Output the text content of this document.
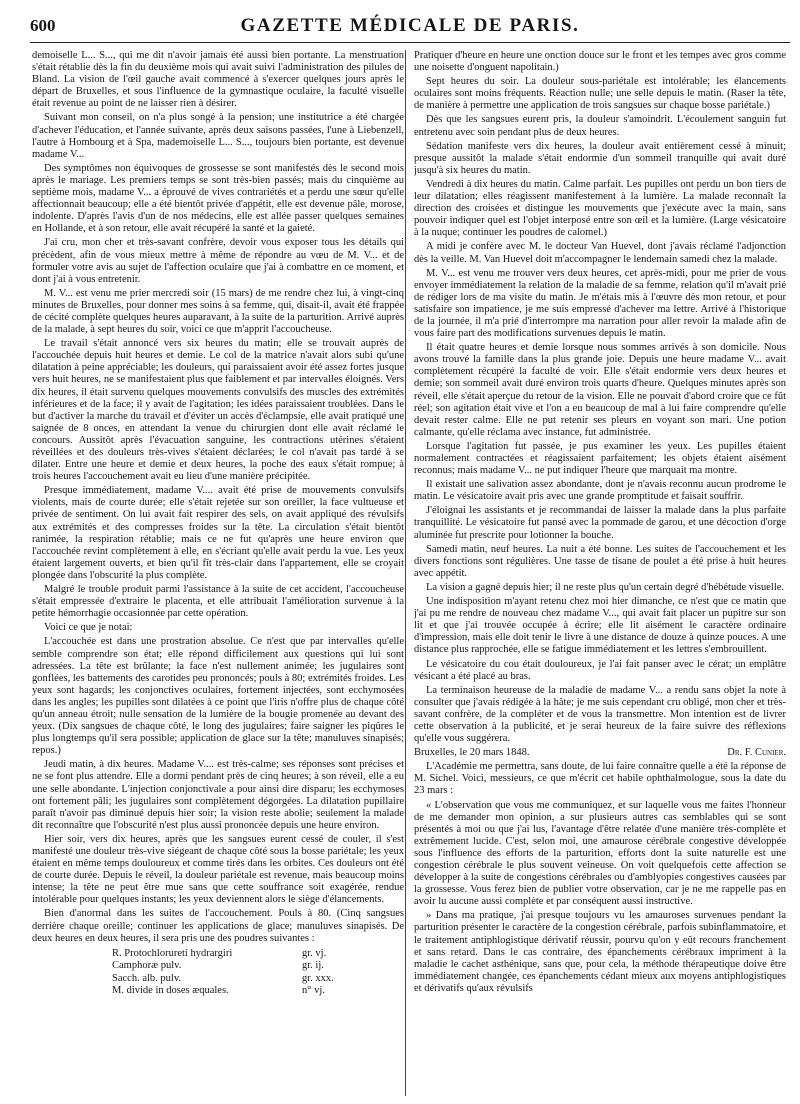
600	GAZETTE MÉDICALE DE PARIS.

demoiselle L... S..., qui me dit n'avoir jamais été aussi bien portante. La menstruation s'était rétablie dès la fin du deuxième mois qui avait suivi l'administration des pilules de Bland. La vision de l'œil gauche avait commencé à s'exercer quelques jours après le départ de Bruxelles, et sous l'influence de la gymnastique oculaire, la faculté visuelle était revenue au point de ne laisser rien à désirer.

Suivant mon conseil, on n'a plus songé à la pension; une institutrice a été chargée d'achever l'éducation, et l'année suivante, après deux saisons passées, l'une à Liebenzell, l'autre à Hombourg et à Spa, mademoiselle L... S..., toujours bien portante, est devenue madame V...

Des symptômes non équivoques de grossesse se sont manifestés dès le second mois après le mariage. Les premiers temps se sont très-bien passés; mais du cinquième au septième mois, madame V... a éprouvé de vives contrariétés et a perdu une sœur qu'elle affectionnait beaucoup; elle a été bientôt privée d'appétit, elle est devenue pâle, morose, indolente. D'après l'avis d'un de nos médecins, elle est allée passer quelques semaines en Hollande, et à son retour, elle avait récupéré la santé et la gaieté.

J'ai cru, mon cher et très-savant confrère, devoir vous exposer tous les détails qui précèdent, afin de vous mieux mettre à même de répondre au vœu de M. V... et de formuler votre avis au sujet de l'affection oculaire que j'ai à combattre en ce moment, et dont j'ai à vous entretenir.

M. V... est venu me prier mercredi soir (15 mars) de me rendre chez lui, à vingt-cinq minutes de Bruxelles, pour donner mes soins à sa femme, qui, disait-il, avait été frappée de cécité complète quelques heures auparavant, à la suite de la parturition. Arrivé auprès de la malade, à sept heures du soir, voici ce que m'apprit l'accoucheuse.

Le travail s'était annoncé vers six heures du matin; elle se trouvait auprès de l'accouchée depuis huit heures et demie. Le col de la matrice n'avait alors subi qu'une dilatation à peine appréciable; les douleurs, qui paraissaient avoir été assez fortes jusque vers huit heures, ne se manifestaient plus que faiblement et par intervalles éloignés. Vers dix heures, il était survenu quelques mouvements convulsifs des muscles des extrémités inférieures et de la face; il y avait de l'agitation; les idées paraissaient troublées. Dans le but d'activer la marche du travail et d'éviter un accès d'éclampsie, elle avait pratiqué une saignée de 8 onces, en attendant la venue du chirurgien dont elle avait réclamé le concours. Aussitôt après l'évacuation sanguine, les contractions utérines s'étaient réveillées et des douleurs très-vives s'étaient déclarées; le col n'avait pas tardé à se dilater. Entre une heure et demie et deux heures, la poche des eaux s'était rompue; à trois heures l'accouchement avait eu lieu d'une manière précipitée.

Presque immédiatement, madame V.... avait été prise de mouvements convulsifs violents, mais de courte durée; elle s'était rejetée sur son oreiller, la face vultueuse et privée de sentiment. On lui avait fait respirer des sels, on avait appliqué des révulsifs aux extrémités et des compresses froides sur la tête. La circulation s'était bientôt ranimée, la respiration rétablie; mais ce ne fut qu'après une heure environ que l'accouchée revint complètement à elle, en s'écriant qu'elle avait perdu la vue. Les yeux étaient largement ouverts, et bien qu'il fît très-clair dans l'appartement, elle se croyait plongée dans l'obscurité la plus complète.

Malgré le trouble produit parmi l'assistance à la suite de cet accident, l'accoucheuse s'était empressée d'extraire le placenta, et elle attribuait l'amélioration survenue à la petite hémorrhagie occasionnée par cette opération.

Voici ce que je notai:

L'accouchée est dans une prostration absolue. Ce n'est que par intervalles qu'elle semble comprendre son état; elle répond difficilement aux questions qui lui sont adressées. La tête est brûlante; la face n'est nullement animée; les jugulaires sont gonflées, les battements des carotides peu prononcés; pouls à 80; extrémités froides. Les yeux sont hagards; les conjonctives oculaires, fortement injectées, sont ecchymosées dans les angles; les pupilles sont dilatées à ce point que l'iris n'offre plus de chaque côté qu'un anneau étroit; nulle sensation de la lumière de la bougie promenée au devant des yeux. (Dix sangsues de chaque côté, le long des jugulaires; faire saigner les piqûres le plus longtemps qu'il sera possible; application de glace sur la tête; manuluves sinapisés; repos.)

Jeudi matin, à dix heures. Madame V.... est très-calme; ses réponses sont précises et ne se font plus attendre. Elle a dormi pendant près de cinq heures; à son réveil, elle a eu une selle abondante. L'injection conjonctivale a pour ainsi dire disparu; les ecchymoses ont fortement pâli; les jugulaires sont complètement dégorgées. La dilatation pupillaire paraît n'avoir pas diminué depuis hier soir; la vision reste abolie; seulement la malade dit reconnaître que l'obscurité n'est plus aussi prononcée depuis une heure environ.

Hier soir, vers dix heures, après que les sangsues eurent cessé de couler, il s'est manifesté une douleur très-vive siégeant de chaque côté sous la bosse pariétale; les yeux étaient en même temps douloureux et comme tirés dans les orbites. Ces douleurs ont été de courte durée. Depuis le réveil, la douleur pariétale est revenue, mais beaucoup moins intense; la tête ne peut être mue sans que cette souffrance soit exagérée, rendue intolérable pour quelques instants; les yeux deviennent alors le siège d'élancements.

Bien d'anormal dans les suites de l'accouchement. Pouls à 80. (Cinq sangsues derrière chaque oreille; continuer les applications de glace; manuluves sinapisés. De deux heures en deux heures, il sera pris une des poudres suivantes :

R. Protochlorureti hydrargiri	gr. vj.
Camphoræ pulv.	gr. ij.
Sacch. alb. pulv.	gr. xxx.
M. divide in doses æquales.	n° vj.

Pratiquer d'heure en heure une onction douce sur le front et les tempes avec gros comme une noisette d'onguent napolitain.)

Sept heures du soir. La douleur sous-pariétale est intolérable; les élancements oculaires sont moins fréquents. Réaction nulle; une selle depuis le matin. (Raser la tête, de manière à permettre une application de trois sangsues sur chaque bosse pariétale.)

Dès que les sangsues eurent pris, la douleur s'amoindrit. L'écoulement sanguin fut entretenu avec soin pendant plus de deux heures.

Sédation manifeste vers dix heures, la douleur avait entièrement cessé à minuit; presque aussitôt la malade s'était endormie d'un sommeil tranquille qui avait duré jusqu'à six heures du matin.

Vendredi à dix heures du matin. Calme parfait. Les pupilles ont perdu un bon tiers de leur dilatation; elles réagissent manifestement à la lumière. La malade reconnaît la direction des croisées et distingue les mouvements que j'exécute avec la main, sans pouvoir indiquer quel est l'objet interposé entre son œil et la lumière. (Large vésicatoire à la nuque; continuer les poudres de calomel.)

A midi je confère avec M. le docteur Van Huevel, dont j'avais réclamé l'adjonction dès la veille. M. Van Huevel doit m'accompagner le lendemain samedi chez la malade.

M. V... est venu me trouver vers deux heures, cet après-midi, pour me prier de vous envoyer immédiatement la relation de la maladie de sa femme, relation qu'il m'avait prié de rédiger lors de ma visite du matin. Je m'étais mis à l'œuvre dès mon retour, et pour satisfaire son impatience, je me suis empressé d'achever ma lettre. Arrivé à l'historique de la journée, il m'a prié d'interrompre ma narration pour aller revoir la malade afin de vous faire part des modifications survenues depuis le matin.

Il était quatre heures et demie lorsque nous sommes arrivés à son domicile. Nous avons trouvé la famille dans la plus grande joie. Depuis une heure madame V... avait complètement récupéré la faculté de voir. Elle s'était endormie vers deux heures et demie; son sommeil avait duré environ trois quarts d'heure. Quelques minutes après son réveil, elle s'était aperçue du retour de la vision. Elle ne pouvait d'abord croire que ce fût réel; son agitation était vive et l'on a eu beaucoup de mal à lui faire comprendre qu'elle devait rester calme. Elle ne put retenir ses pleurs en voyant son mari. Une potion calmante, qu'elle réclama avec instance, fut administrée.

Lorsque l'agitation fut passée, je pus examiner les yeux. Les pupilles étaient normalement contractées et réagissaient parfaitement; les objets étaient aisément reconnus; mais madame V... ne put indiquer l'heure que marquait ma montre.

Il existait une salivation assez abondante, dont je n'avais reconnu aucun prodrome le matin. Le vésicatoire avait pris avec une grande promptitude et faisait souffrir.

J'éloignai les assistants et je recommandai de laisser la malade dans la plus parfaite tranquillité. Le vésicatoire fut pansé avec la pommade de garou, et une décoction d'orge aluminée fut prescrite pour lotionner la bouche.

Samedi matin, neuf heures. La nuit a été bonne. Les suites de l'accouchement et les divers fonctions sont régulières. Une tasse de tisane de poulet a été prise à huit heures avec appétit.

La vision a gagné depuis hier; il ne reste plus qu'un certain degré d'hébétude visuelle.

Une indisposition m'ayant retenu chez moi hier dimanche, ce n'est que ce matin que j'ai pu me rendre de nouveau chez madame V..., qui avait fait placer un pupitre sur son lit et que j'ai trouvée occupée à écrire; elle lit aisément le caractère ordinaire d'impression, mais elle doit tenir le livre à une distance de douze à quinze pouces. A une distance plus rapprochée, elle se fatigue immédiatement et les lettres s'embrouillent.

Le vésicatoire du cou était douloureux, je l'ai fait panser avec le cérat; un emplâtre vésicant a été placé au bras.

La terminaison heureuse de la maladie de madame V... a rendu sans objet la note à consulter que j'avais rédigée à la hâte; je me suis cependant cru obligé, mon cher et très-savant confrère, de la compléter et de vous la transmettre. Mon intention est de livrer cette observation à la publicité, et je serai heureux de la faire suivre des réflexions qu'elle vous suggérera.

Bruxelles, le 20 mars 1848.	Dr. F. Cunier.

L'Académie me permettra, sans doute, de lui faire connaître quelle a été la réponse de M. Sichel. Voici, messieurs, ce que m'écrit cet habile ophthalmologue, sous la date du 23 mars :

« L'observation que vous me communiquez, et sur laquelle vous me faites l'honneur de me demander mon opinion, a sur plusieurs autres cas semblables qui se sont présentés à moi ou que j'ai lus, l'avantage d'être relatée d'une manière très-complète et extrêmement lucide. C'est, selon moi, une amaurose cérébrale congestive développée sous l'influence des efforts de la parturition, efforts dont la suite naturelle est une congestion cérébrale le plus souvent veineuse. On voit quelquefois cette affection se développer à la suite de congestions cérébrales ou d'amblyopies congestives causées par la grossesse. Vous ferez bien de publier votre observation, car je ne me rappelle pas en avoir lu aucune aussi complète et par conséquent aussi instructive.

» Dans ma pratique, j'ai presque toujours vu les amauroses survenues pendant la parturition présenter le caractère de la congestion cérébrale, parfois subinflammatoire, et le traitement antiphlogistique dérivatif réussir, pourvu qu'on y eût recours franchement et sans retard. Dans le cas contraire, des épanchements cérébraux impriment à la maladie le cachet asthénique, sans que, pour cela, la méthode thérapeutique doive être immédiatement changée, ces épanchements cédant mieux aux moyens antiphlogistiques et dérivatifs qu'aux révulsifs
